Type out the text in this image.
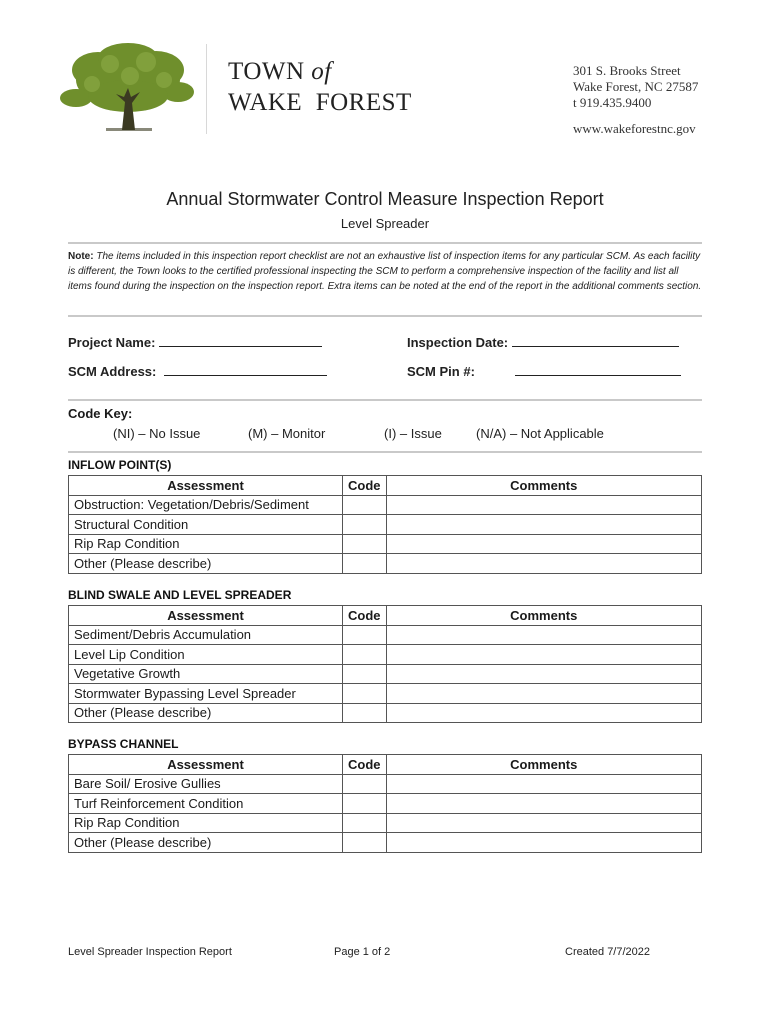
TOWN of
WAKE  FOREST
301 S. Brooks Street
Wake Forest, NC 27587
t 919.435.9400
www.wakeforestnc.gov
Annual Stormwater Control Measure Inspection Report
Level Spreader
Note: The items included in this inspection report checklist are not an exhaustive list of inspection items for any particular SCM. As each facility is different, the Town looks to the certified professional inspecting the SCM to perform a comprehensive inspection of the facility and list all items found during the inspection on the inspection report. Extra items can be noted at the end of the report in the additional comments section.
Project Name:	Inspection Date:
SCM Address:	SCM Pin #:
Code Key:
(NI) – No Issue	(M) – Monitor	(I) – Issue	(N/A) – Not Applicable
INFLOW POINT(S)
Assessment	Code	Comments
Obstruction: Vegetation/Debris/Sediment		
Structural Condition		
Rip Rap Condition		
Other (Please describe)		
BLIND SWALE AND LEVEL SPREADER
Assessment	Code	Comments
Sediment/Debris Accumulation		
Level Lip Condition		
Vegetative Growth		
Stormwater Bypassing Level Spreader		
Other (Please describe)		
BYPASS CHANNEL
Assessment	Code	Comments
Bare Soil/ Erosive Gullies		
Turf Reinforcement Condition		
Rip Rap Condition		
Other (Please describe)		
Level Spreader Inspection Report	Page 1 of 2	Created 7/7/2022
